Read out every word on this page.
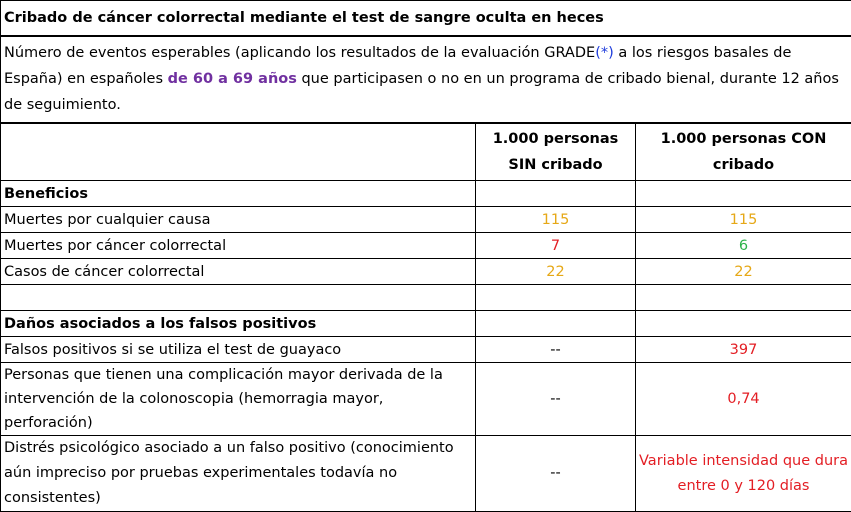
Cribado de cáncer colorrectal mediante el test de sangre oculta en heces		
Número de eventos esperables (aplicando los resultados de la evaluación GRADE(*) a los riesgos basales de España) en españoles de 60 a 69 años que participasen o no en un programa de cribado bienal, durante 12 años de seguimiento.		
	1.000 personas SIN cribado	1.000 personas CON cribado
Beneficios		
Muertes por cualquier causa	115	115
Muertes por cáncer colorrectal	7	6
Casos de cáncer colorrectal	22	22

Daños asociados a los falsos positivos		
Falsos positivos si se utiliza el test de guayaco	--	397
Personas que tienen una complicación mayor derivada de la intervención de la colonoscopia (hemorragia mayor, perforación)	--	0,74
Distrés psicológico asociado a un falso positivo (conocimiento aún impreciso por pruebas experimentales todavía no consistentes)	--	Variable intensidad que dura entre 0 y 120 días
